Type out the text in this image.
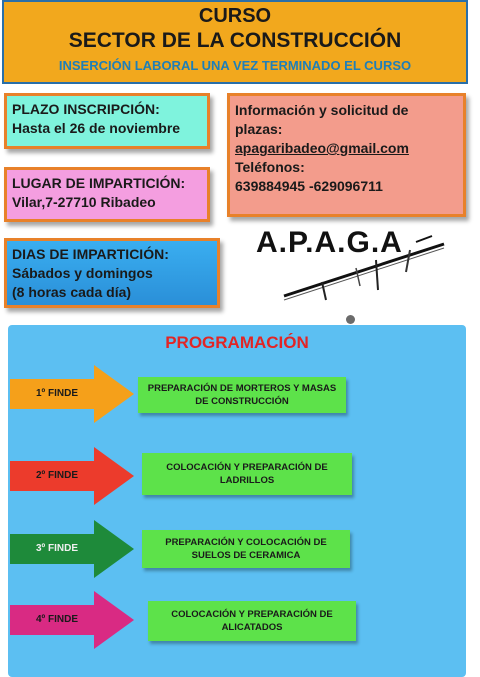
CURSO
SECTOR DE LA CONSTRUCCIÓN
INSERCIÓN LABORAL UNA VEZ TERMINADO EL CURSO
PLAZO INSCRIPCIÓN:
Hasta el 26 de noviembre
LUGAR DE IMPARTICIÓN:
Vilar,7-27710 Ribadeo
DIAS DE IMPARTICIÓN:
Sábados y domingos
(8 horas cada día)
Información y solicitud de
plazas:
apagaribadeo@gmail.com
Teléfonos:
639884945 -629096711
A.P.A.G.A
PROGRAMACIÓN
1º FINDE	PREPARACIÓN DE MORTEROS Y MASAS DE CONSTRUCCIÓN
2º FINDE
COLOCACIÓN Y PREPARACIÓN DE LADRILLOS
3º FINDE
PREPARACIÓN Y COLOCACIÓN DE SUELOS DE CERAMICA
4º FINDE	COLOCACIÓN Y PREPARACIÓN DE ALICATADOS
